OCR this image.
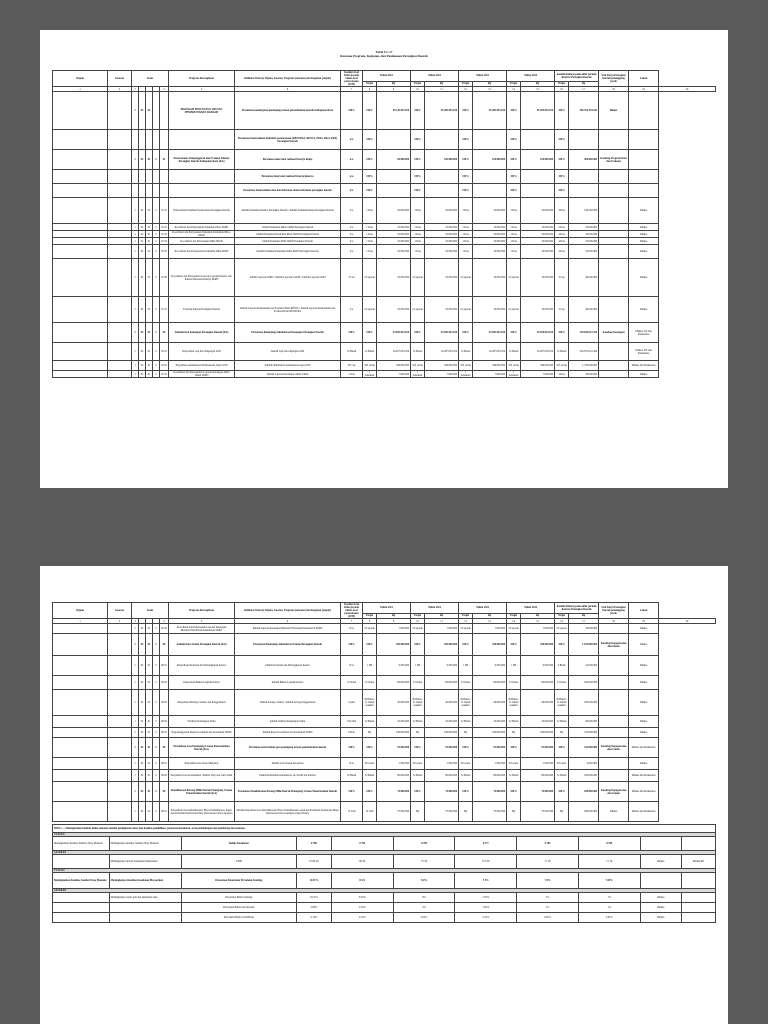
Tabel 5.C.17
Rencana Program, Kegiatan, dan Pendanaan Perangkat Daerah
Tujuan	Sasaran	Kode					Program dan kegiatan	Indikator Kinerja Tujuan, Sasaran, Program (outcome) dan Kegiatan (output)	Kondisi Awal Kinerja pada tahun awal perencanaan (2019)	Tahun 2021		Tahun 2022		Tahun 2023		Tahun 2024		Kondisi Kinerja pada akhir periode Renstra Perangkat Daerah		Unit Kerja Perangkat Daerah penanggung jawab	Lokasi	
										Target	Rp	Target	Rp	Target	Rp	Target	Rp	Target	Rp			
1	2	3				4	5	6	7	8	9	10	11	12	13	14	15	16	17	18	19	20
		1	02	01			PROGRAM PENUNJANG URUSAN PEMERINTAHAN DAERAH	Persentase kesinergisan penunjang urusan pemerintahan daerah Kabupaten/Kota	100%	100%	95.145.003.106	100%	95.205.003.106	100%	95.205.003.106	100%	95.205.003.106	100%	350.764.253.644	Dinkes		
								Persentase Ketersediaan Dokumen perencanaan (RENSTRA, RENJA, PPAS, RKA, DPA) Perangkat Daerah	n/a	100%		100%		100%		100%		100%				
		1	02	01	2	01	Perencanaan, Penganggaran dan Evaluasi Kinerja Perangkat Daerah Kabupaten/Kota (KA)	Persentase intervensi realisasi Kinerja Renja	n/a	100%	60.000.000	100%	100.000.000	100%	100.000.000	100%	100.000.000	100%	360.000.000	Kasubag Program Data dan Evaluasi		
								Persentase intervensi realisasi Kinerja Renstra	n/a	100%		100%		100%		100%		100%				
								Persentase Ketersediaan data dan informasi sistem informasi perangkat daerah	n/a	100%		100%		100%		100%		100%				
		1	02	01	2	01 01	Penyusunan Dokumen Perencanaan Perangkat Daerah	Jumlah Dokumen Renstra Perangkat Daerah / Jumlah Dokumen Renja Perangkat Daerah	n/a	1 Dok	20.000.000	1 Dok	20.000.000	1 Dok	20.000.000	1 Dok	20.000.000	4 Dok	140.000.000		Dinkes	
		1	02	01	2	01 02	Koordinasi dan Penyusunan Dokumen RKA-SKPD	Jumlah Dokumen RKA-SKPD Perangkat Daerah	n/a	1 Dok	10.000.000	1 Dok	10.000.000	1 Dok	10.000.000	1 Dok	10.000.000	4 Dok	50.000.000		Dinkes	
		1	02	01	2	01 03	Koordinasi dan Penyusunan Dokumen Perubahan RKA-SKPD	Jumlah Dokumen Perubahan RKA-SKPD Perangkat Daerah	n/a	1 Dok	10.000.000	1 Dok	10.000.000	1 Dok	10.000.000	1 Dok	10.000.000	4 Dok	50.000.000		Dinkes	
		1	02	01	2	01 04	Koordinasi dan Penyusunan DPA-SKPD	Jumlah Dokumen DPA-SKPD Perangkat Daerah	n/a	1 Dok	10.000.000	1 Dok	10.000.000	1 Dok	10.000.000	1 Dok	10.000.000	4 Dok	50.000.000		Dinkes	
		1	02	01	2	01 05	Koordinasi dan Penyusunan Perubahan DPA-SKPD	Jumlah Dokumen Perubahan DPA-SKPD Perangkat Daerah	n/a	1 Dok	10.000.000	1 Dok	10.000.000	1 Dok	10.000.000	1 Dok	10.000.000	4 Dok	50.000.000		Dinkes	
		1	02	01	2	01 06	Koordinasi dan Penyusunan Laporan Capaian Kinerja dan Ikhtisar Realisasi Kinerja SKPD	Jumlah Laporan LPPD / Jumlah Laporan LAKIP / Jumlah Laporan LKPJ	3 Lap	3 Laporan	10.000.000	3 Laporan	10.000.000	3 Laporan	10.000.000	3 Laporan	10.000.000	3 Lap	40.000.000		Dinkes	
		1	02	01	2	01 07	Evaluasi Kinerja Perangkat Daerah	Jumlah Laporan Pelaksanaan dan Evaluasi Hasil RENJA / Jumlah Laporan Pelaksanaan dan Evaluasi Hasil RENSTRA	n/a	2 Laporan	10.000.000	2 Laporan	10.000.000	2 Laporan	10.000.000	2 Laporan	10.000.000	2 Lap	40.000.000		Dinkes	
		1	02	01	2	02	Administrasi Keuangan Perangkat Daerah (KA)	Persentase Penunjang Administrasi Keuangan Perangkat Daerah	100%	100%	54.650.003.106	100%	54.650.003.106	100%	54.650.003.106	100%	54.650.003.106	100%	218.639.012.424	Kasubag Keuangan	Dinkes, RS dan Puskesmas	
		1	02	01	2	02 01	Penyediaan Gaji dan Tunjangan ASN	Jumlah Gaji dan tunjangan ASN	12 Bulan	12 Bulan	54.287.003.106	12 Bulan	54.287.003.106	12 Bulan	54.287.003.106	12 Bulan	54.287.003.106	12 Bulan	218.073.012.424		Dinkes, RS dan Puskesmas	
		1	02	01	2	02 02	Penyediaan Administrasi Pelaksanaan Tugas ASN	Jumlah administrasi pelaksanaan tugas ASN	325 org	325 orang	439.000.000	325 orang	439.000.000	325 orang	439.000.000	325 orang	439.000.000	325 orang	1.756.000.000		Dinkes dan Puskesmas	
		1	02	01	2	02 03	Koordinasi dan Penyusunan Laporan Keuangan Akhir Tahun SKPD	Jumlah Laporan Keuangan Akhir Tahun	1 Dok	1 dokumen	7.000.000	1 dokumen	7.000.000	1 dokumen	7.000.000	1 dokumen	7.000.000	4 Dok	28.000.000		Dinkes	
Tujuan	Sasaran	Kode					Program dan kegiatan	Indikator Kinerja Tujuan, Sasaran, Program (outcome) dan Kegiatan (output)	Kondisi Awal Kinerja pada tahun awal perencanaan (2019)	Tahun 2021		Tahun 2022		Tahun 2023		Tahun 2024		Kondisi Kinerja pada akhir periode Renstra Perangkat Daerah		Unit Kerja Perangkat Daerah penanggung jawab	Lokasi	
										Target	Rp	Target	Rp	Target	Rp	Target	Rp	Target	Rp			
1	2	3				4	5	6	7	8	9	10	11	12	13	14	15	16	17	18	19	20
		1	02	01	2	02 04	Koordinasi dan Penyusunan Laporan Keuangan Bulanan/Triwulanan/Semesteran SKPD	Jumlah Laporan Keuangan Bulanan/Triwulanan/Semesteran SKPD	N/A	3 Laporan	7.000.000	3 Laporan	7.000.000	3 Laporan	7.000.000	3 Laporan	7.000.000	3 Laporan	28.000.000		Dinkes	
		1	02	01	2	06	Administrasi Umum Perangkat Daerah (KA)	Persentase Penunjang Administrasi Umum Perangkat Daerah	100%	100%	296.000.000	100%	296.000.000	100%	296.000.000	100%	296.000.000	100%	1.184.000.000	Kasubag Kepegawaian dan umum	Dinkes	
		1	02	01	2	06 01	Penyediaan Peralatan dan Perlengkapan Kantor	Jumlah Peralatan dan Perlengkapan Kantor	N/A	1 Bh	6.000.000	1 Bh	6.000.000	1 Bh	6.000.000	1 Bh	6.000.000	4 Buah	24.000.000		Dinkes	
		1	02	01	2	06 02	Penyediaan Bahan Logistik Kantor	Jumlah Bahan Logistik Kantor	12 bulan	12 bulan	60.000.000	12 bulan	60.000.000	12 bulan	60.000.000	12 bulan	60.000.000	12 bulan	240.000.000		Dinkes	
		1	02	01	2	06 03	Penyediaan Barang Cetakan dan Penggandaan	Jumlah barang cetakan / Jumlah barang Penggandaan	3 jenis	30 Bulan / 7x dalam setahun	30.000.000	30 Bulan / 7x dalam setahun	40.000.000	30 Bulan / 7x dalam setahun	40.000.000	30 Bulan / 7x dalam setahun	40.000.000	30 Bulan / 7x dalam setahun	160.000.000		Dinkes	
		1	02	01	2	06 04	Fasilitasi Kunjungan Tamu	jumlah fasilitasi Kunjungan Tamu	134 Tmu	12 Bulan	10.000.000	12 Bulan	10.000.000	12 Bulan	10.000.000	12 Bulan	10.000.000	12 Bulan	40.000.000		Dinkes	
		1	02	01	2	06 05	Penyelenggaraan Rapat Koordinasi dan Konsultasi SKPD	Jumlah Rapat Koordinasi dan Konsultasi SKPD	6 Dok	Bp	180.000.000	Bp	180.000.000	Bp	180.000.000	Bp	180.000.000	Bp	720.000.000		Dinkes	
		1	02	01	2	08	Penyediaan Jasa Penunjang Urusan Pemerintahan Daerah (KA)	Persentase ketersediaan jasa penunjang urusan pemerintahan daerah	100%	100%	81.000.000	100%	81.000.000	100%	81.000.000	100%	81.000.000	100%	324.000.000	Kasubag Kepegawaian dan Umum	Dinkes dan Puskesmas	
		1	02	01	2	08 01	Penyediaan Jasa Surat Menyurat	Jumlah surat masuk dan keluar	N/A	325 surat	1.000.000	325 surat	1.000.000	325 surat	1.000.000	325 surat	1.000.000	325 surat	4.000.000		Dinkes	
		1	02	01	2	08 02	Penyediaan Jasa Komunikasi, Sumber Daya Air dan Listrik	Jumlah Kebutuhan komunikasi, air, listrik dan Internet	12 Bulan	12 Bulan	80.000.000	12 Bulan	80.000.000	12 Bulan	80.000.000	12 Bulan	80.000.000	12 Bulan	320.000.000		Dinkes dan Puskesmas	
		1	02	01	2	09	Pemeliharaan Barang Milik Daerah Penunjang Urusan Pemerintahan Daerah (KA)	Persentase Pemeliharaan Barang Milik Daerah Penunjang Urusan Pemerintahan Daerah	100%	100%	70.000.000	100%	70.000.000	100%	70.000.000	100%	70.000.000	100%	280.000.000	Kasubag Kepegawaian dan Umum	Dinkes dan Puskesmas	
		1	02	01	2	09 01	Penyediaan Jasa Pemeliharaan, Biaya Pemeliharaan, Pajak, dan Perizinan Kendaraan Dinas Operasional atau Lapangan	Jumlah Penyediaan Jasa Pemeliharaan, Biaya Pemeliharaan, pajak dan Perizinan Kendaraan Dinas Operasional atau Lapangan yang terbayar	13 Unit	13 Unit	70.000.000	Bp	70.000.000	Bp	70.000.000	Bp	70.000.000	Bp	280.000.000	Dinkes	Dinkes dan Puskesmas	
MISI I — Meningkatkan kualitas hidup manusia melalui peningkatan akses dan kualitas pendidikan, pelayanan kesehatan, serta perlindungan dan pemberdayaan manusia.										
TUJUAN										
Meningkatkan Kualitas Sumber Daya Manusia	Meningkatnya kualitas Sumber Daya Manusia	Indeks Kesehatan	0.786	0.794	0.789	0.777	0.785	0.785		
SASARAN										
	Meningkatnya derajat Kesehatan Masyarakat	UHH	67.99 Th	69 Th	70 Th	70.5 Th	71 Th	71 Th	Dinkes	Dinkes/RS
TUJUAN										
Meningkatkan Kualitas Sumber Daya Manusia	Meningkatnya Kualitas Kesehatan Masyarakat	Persentase Penurunan Prevalensi Stunting	14.91%	8.5%	8.0%	7.5%	7.0%	7.00%		
SASARAN										
	Meningkatnya status gizi dan kesehatan anak	Prevalensi Balita Stunting	16.70%	8.50%	8%	7.50%	7%	7%	Dinkes	
		Prevalensi Balita Gizi Kurang	2.80%	2.50%	2%	1.50%	1%	1%	Dinkes	
		Prevalensi Balita Gizi Buruk	0.10%	0.10%	0.05%	0.10%	0.05%	0.05%	Dinkes	
